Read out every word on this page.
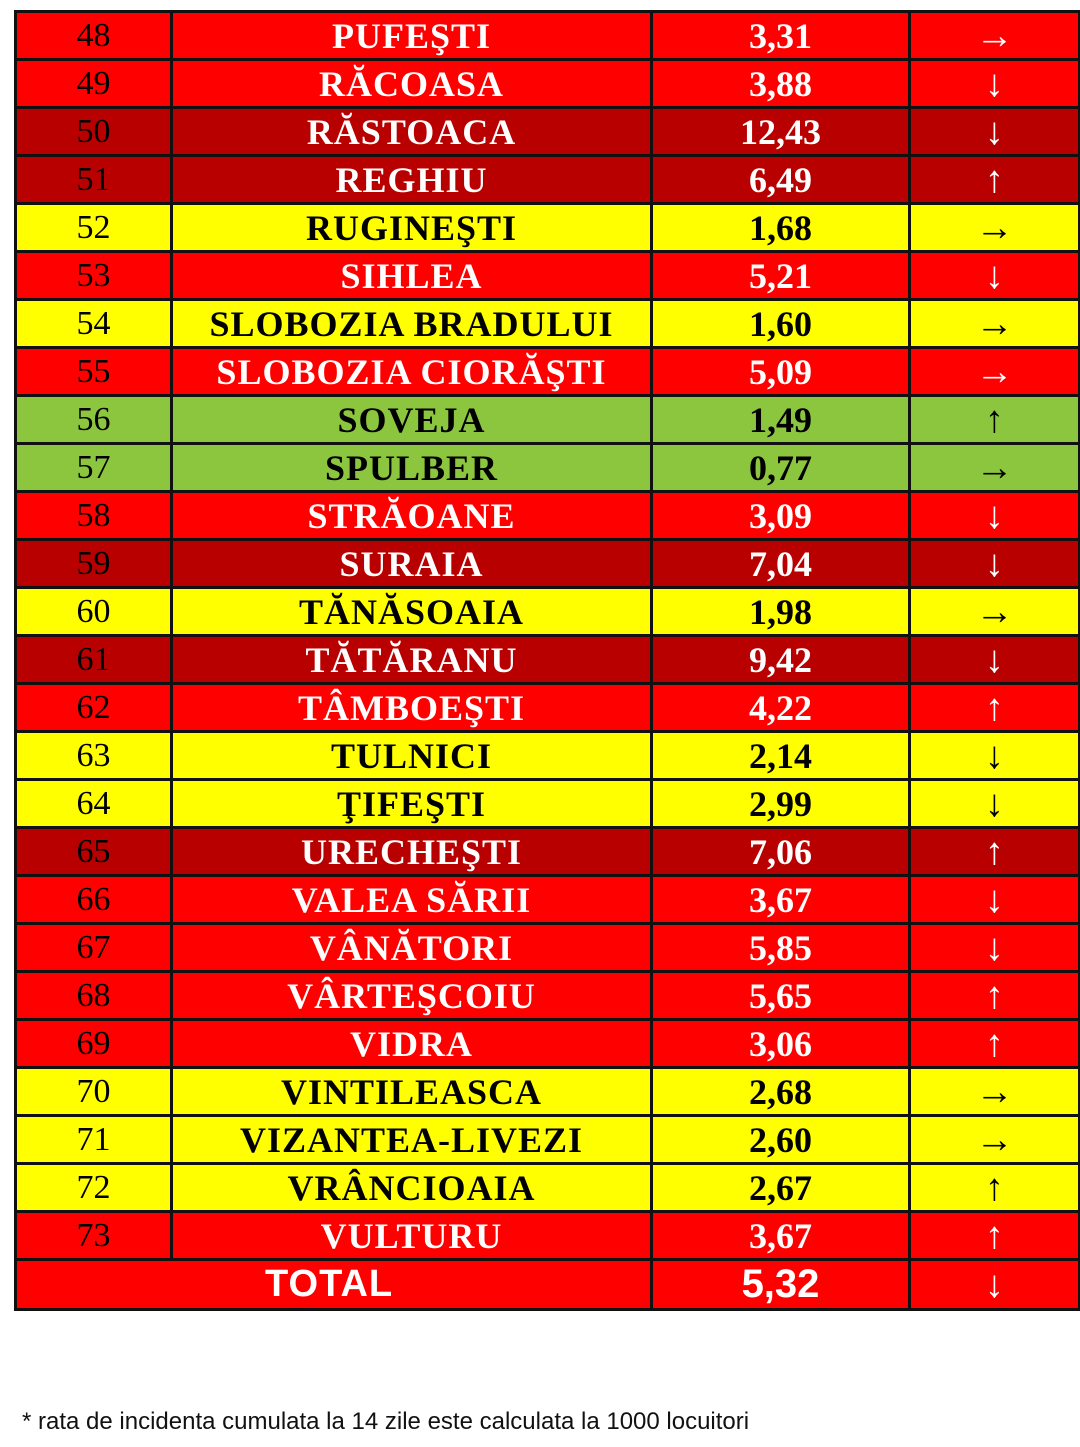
48	PUFEŞTI	3,31	→
49	RĂCOASA	3,88	↓
50	RĂSTOACA	12,43	↓
51	REGHIU	6,49	↑
52	RUGINEŞTI	1,68	→
53	SIHLEA	5,21	↓
54	SLOBOZIA BRADULUI	1,60	→
55	SLOBOZIA CIORĂŞTI	5,09	→
56	SOVEJA	1,49	↑
57	SPULBER	0,77	→
58	STRĂOANE	3,09	↓
59	SURAIA	7,04	↓
60	TĂNĂSOAIA	1,98	→
61	TĂTĂRANU	9,42	↓
62	TÂMBOEŞTI	4,22	↑
63	TULNICI	2,14	↓
64	ŢIFEŞTI	2,99	↓
65	URECHEŞTI	7,06	↑
66	VALEA SĂRII	3,67	↓
67	VÂNĂTORI	5,85	↓
68	VÂRTEŞCOIU	5,65	↑
69	VIDRA	3,06	↑
70	VINTILEASCA	2,68	→
71	VIZANTEA-LIVEZI	2,60	→
72	VRÂNCIOAIA	2,67	↑
73	VULTURU	3,67	↑
TOTAL		5,32	↓
* rata de incidenta cumulata la 14 zile este calculata la 1000 locuitori
